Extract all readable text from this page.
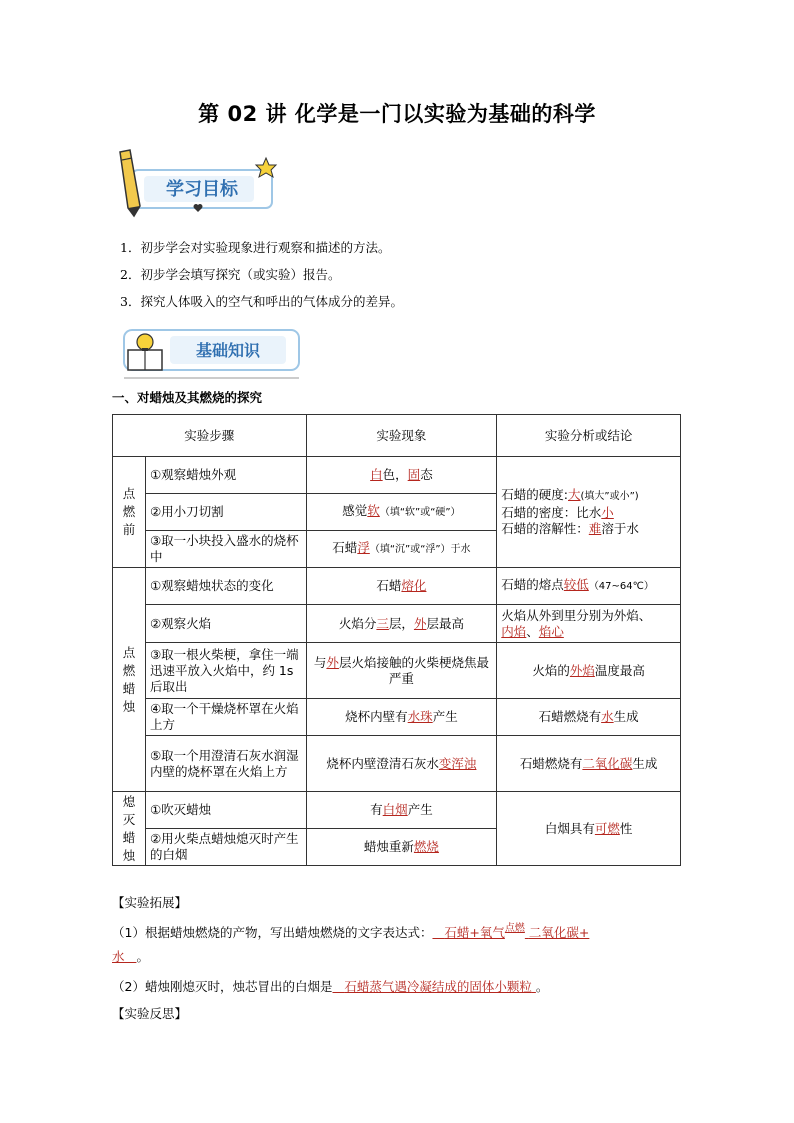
第 02 讲 化学是一门以实验为基础的科学
学习目标
1．初步学会对实验现象进行观察和描述的方法。
2．初步学会填写探究（或实验）报告。
3．探究人体吸入的空气和呼出的气体成分的差异。
基础知识
一、对蜡烛及其燃烧的探究
实验步骤		实验现象	实验分析或结论
点燃前	①观察蜡烛外观	白色，固态	石蜡的硬度:大(填大”或小”)
石蜡的密度：比水小
石蜡的溶解性：难溶于水

	②用小刀切割	感觉软（填“软”或“硬”）	
	③取一小块投入盛水的烧杯中	石蜡浮（填“沉”或“浮”）于水	
点燃蜡烛	①观察蜡烛状态的变化	石蜡熔化	石蜡的熔点较低（47~64℃）
	②观察火焰	火焰分三层，外层最高	火焰从外到里分别为外焰、
内焰、焰心
	③取一根火柴梗，拿住一端迅速平放入火焰中，约 1s 后取出	与外层火焰接触的火柴梗烧焦最严重	火焰的外焰温度最高
	④取一个干燥烧杯罩在火焰上方	烧杯内壁有水珠产生	石蜡燃烧有水生成
	⑤取一个用澄清石灰水润湿内壁的烧杯罩在火焰上方	烧杯内壁澄清石灰水变浑浊	石蜡燃烧有二氧化碳生成
熄灭蜡烛	①吹灭蜡烛	有白烟产生	白烟具有可燃性
	②用火柴点蜡烛熄灭时产生的白烟	蜡烛重新燃烧	
【实验拓展】
（1）根据蜡烛燃烧的产物，写出蜡烛燃烧的文字表达式： 石蜡+氧气$^{点燃}$ 二氧化碳+
水 。
（2）蜡烛刚熄灭时，烛芯冒出的白烟是 石蜡蒸气遇冷凝结成的固体小颗粒 。
【实验反思】
